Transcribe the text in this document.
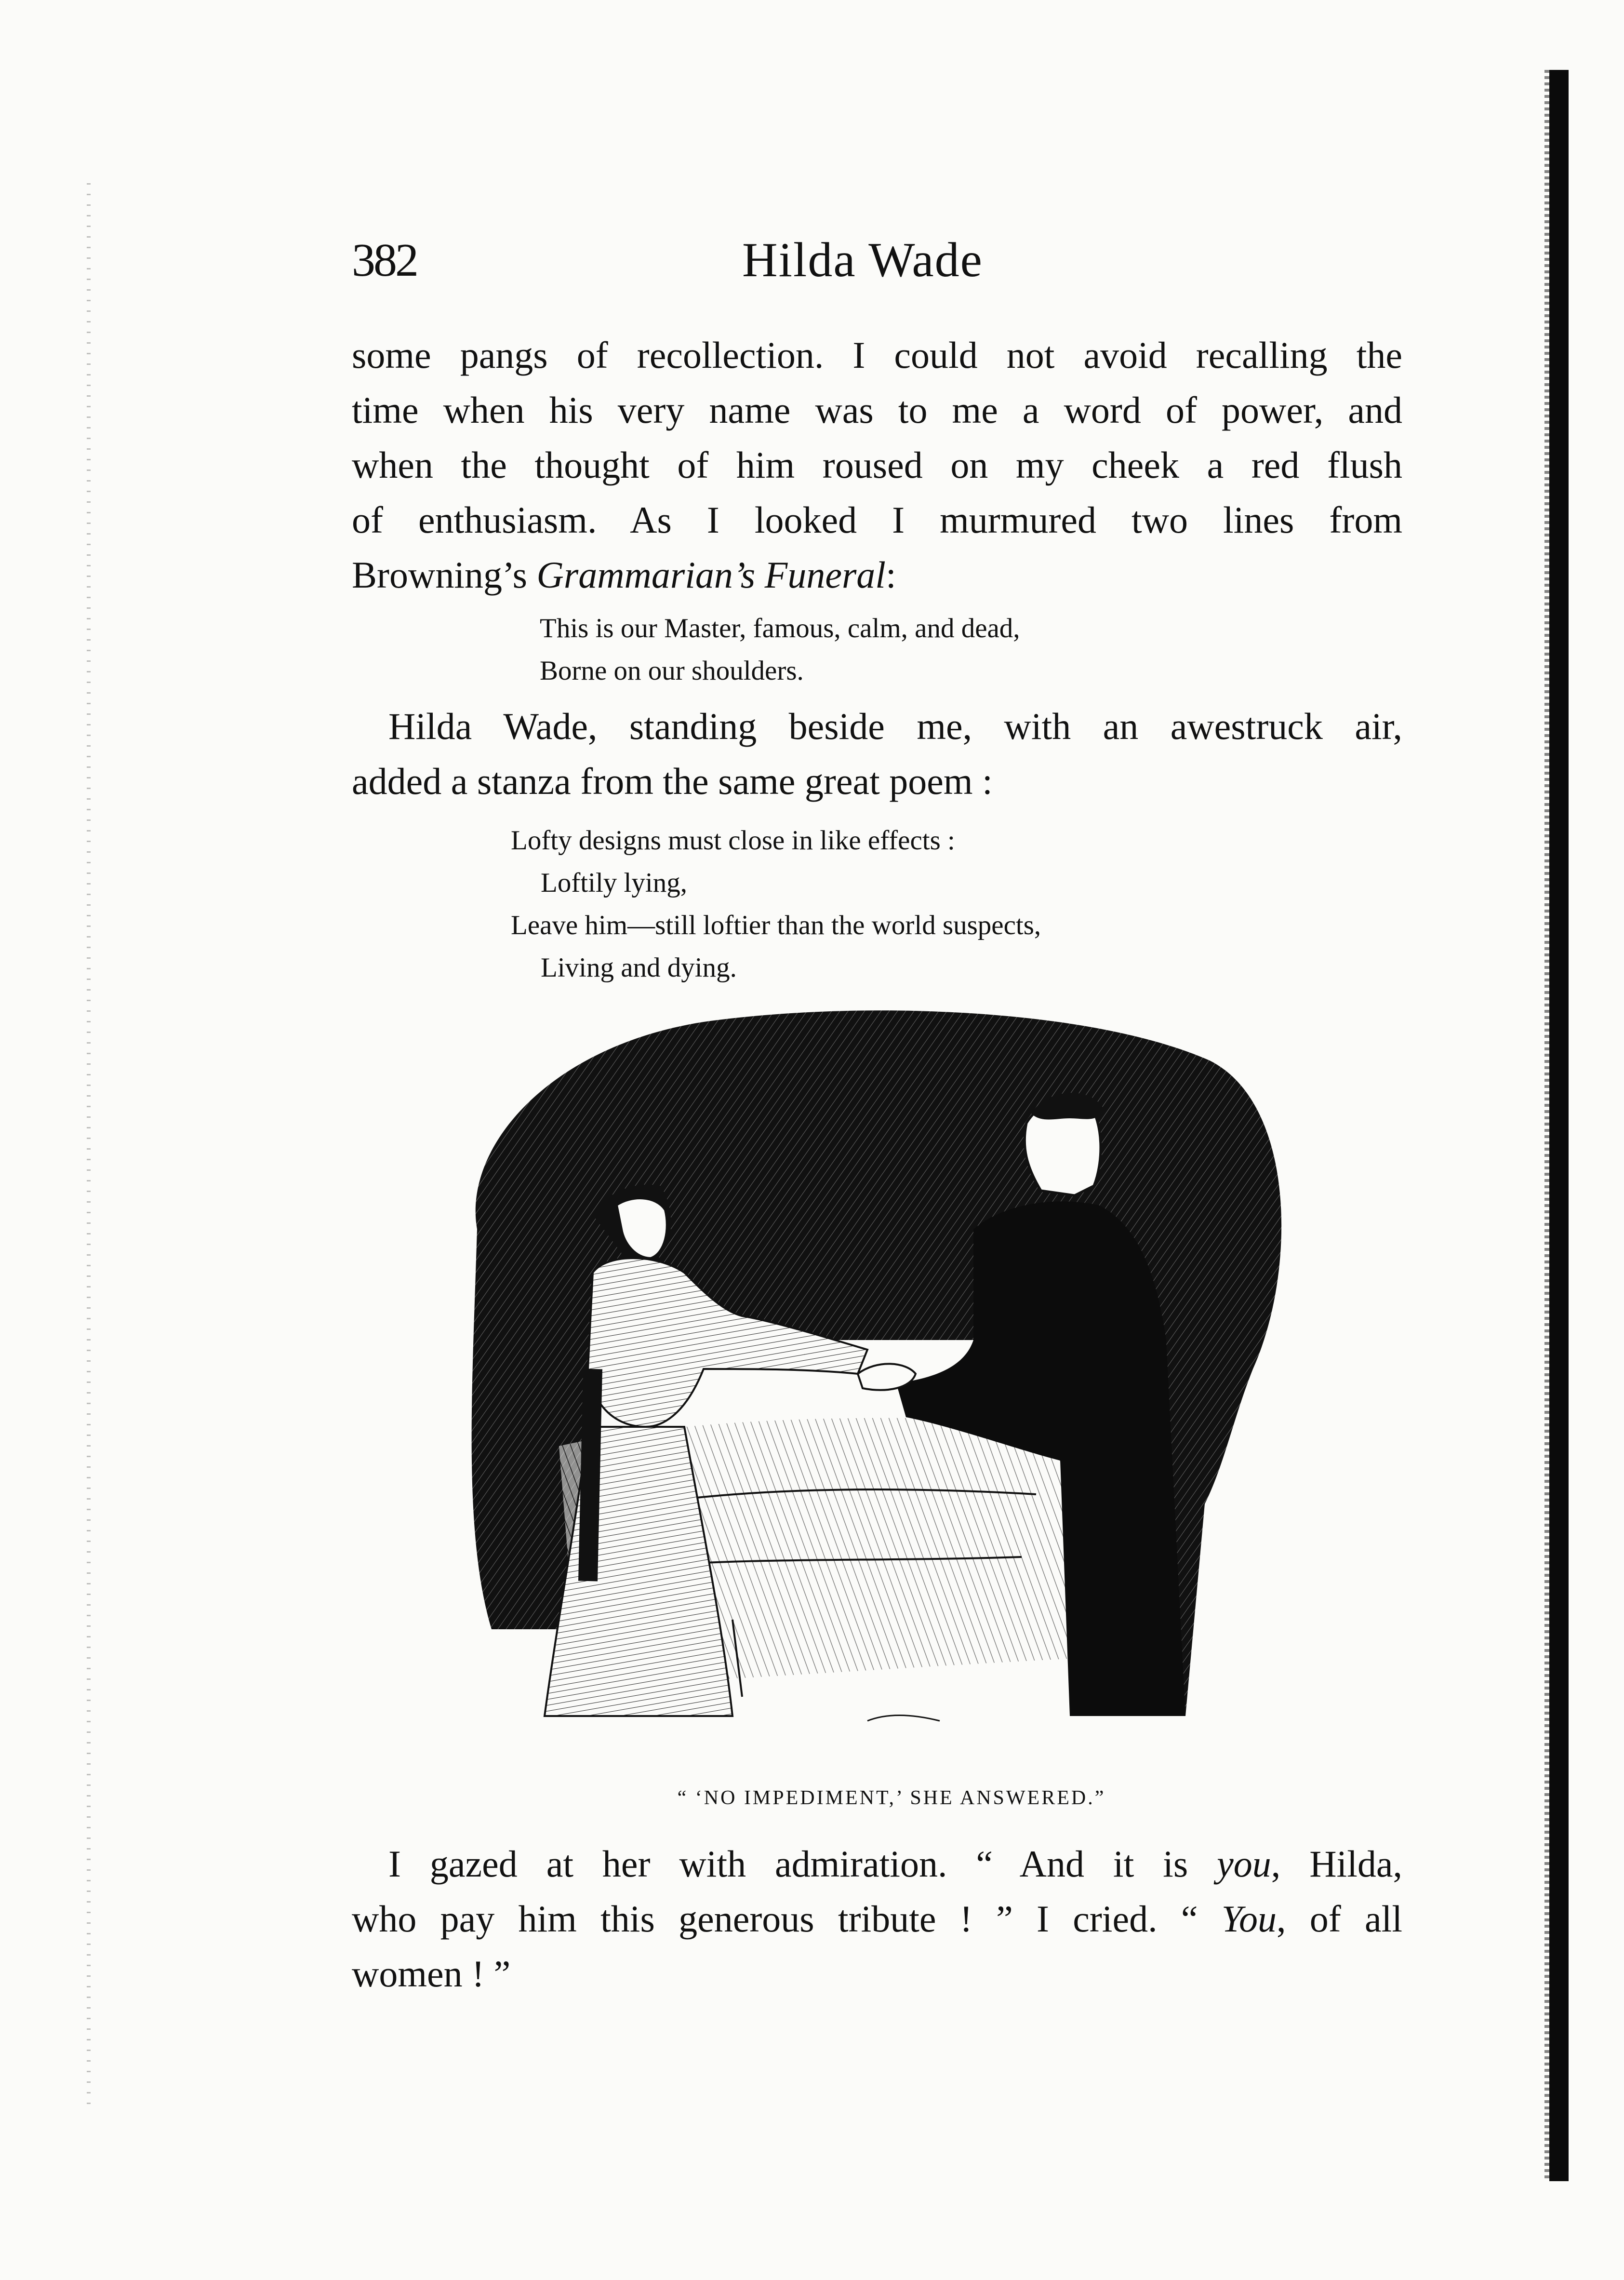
382	Hilda Wade
some pangs of recollection. I could not avoid recalling the
time when his very name was to me a word of power, and
when the thought of him roused on my cheek a red flush
of enthusiasm. As I looked I murmured two lines from
Browning’s Grammarian’s Funeral:
This is our Master, famous, calm, and dead,
Borne on our shoulders.
Hilda Wade, standing beside me, with an awestruck air,
added a stanza from the same great poem :
Lofty designs must close in like effects :
Loftily lying,
Leave him—still loftier than the world suspects,
Living and dying.
“ ‘NO IMPEDIMENT,’ SHE ANSWERED.”
I gazed at her with admiration. “ And it is you, Hilda,
who pay him this generous tribute ! ” I cried. “ You, of all
women ! ”
